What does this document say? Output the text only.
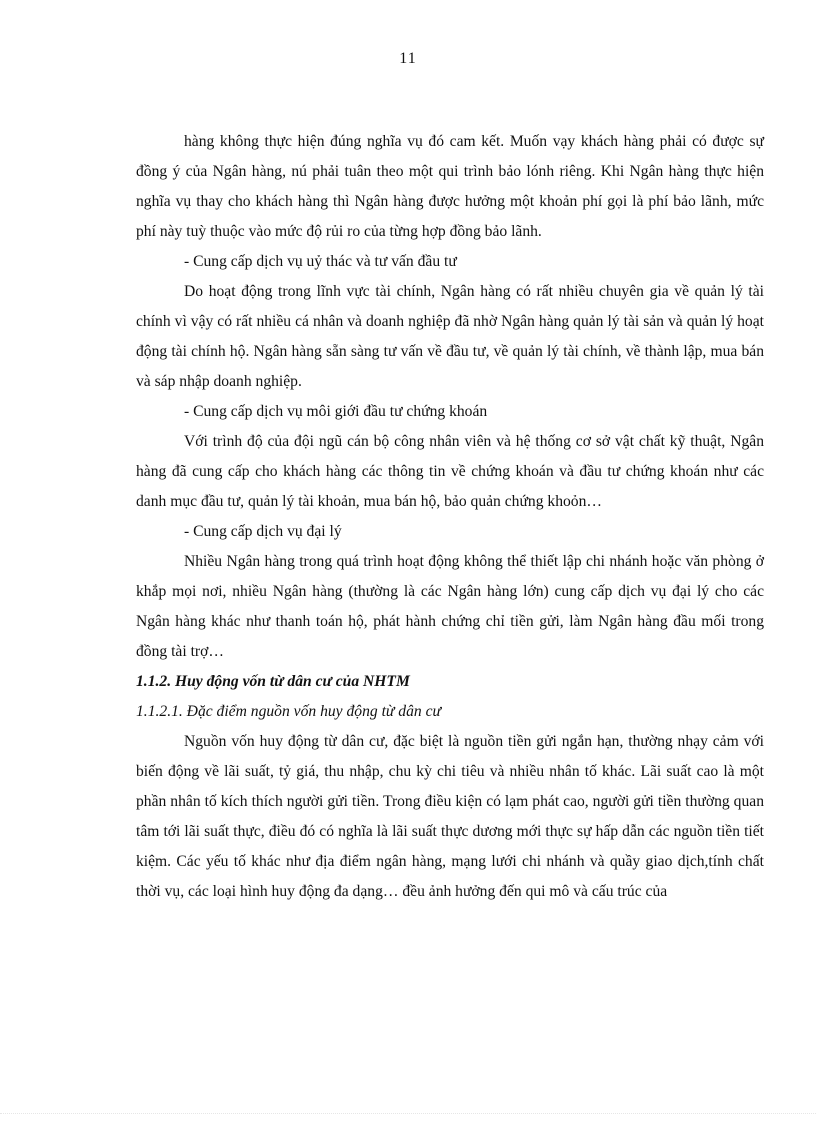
11

hàng không thực hiện đúng nghĩa vụ đó cam kết. Muốn vạy khách hàng phải có được sự đồng ý của Ngân hàng, nú phải tuân theo một qui trình bảo lónh riêng. Khi Ngân hàng thực hiện nghĩa vụ thay cho khách hàng thì Ngân hàng được hưởng một khoản phí gọi là phí bảo lãnh, mức phí này tuỳ thuộc vào mức độ rủi ro của từng hợp đồng bảo lãnh.

- Cung cấp dịch vụ uỷ thác và tư vấn đầu tư

Do hoạt động trong lĩnh vực tài chính, Ngân hàng có rất nhiều chuyên gia về quản lý tài chính vì vậy có rất nhiều cá nhân và doanh nghiệp đã nhờ Ngân hàng quản lý tài sản và quản lý hoạt động tài chính hộ. Ngân hàng sẵn sàng tư vấn về đầu tư, về quản lý tài chính, về thành lập, mua bán và sáp nhập doanh nghiệp.

- Cung cấp dịch vụ môi giới đầu tư chứng khoán

Với trình độ của đội ngũ cán bộ công nhân viên và hệ thống cơ sở vật chất kỹ thuật, Ngân hàng đã cung cấp cho khách hàng các thông tin về chứng khoán và đầu tư chứng khoán như các danh mục đầu tư, quản lý tài khoản, mua bán hộ, bảo quản chứng khoỏn…

- Cung cấp dịch vụ đại lý

Nhiều Ngân hàng trong quá trình hoạt động không thể thiết lập chi nhánh hoặc văn phòng ở khắp mọi nơi, nhiều Ngân hàng (thường là các Ngân hàng lớn) cung cấp dịch vụ đại lý cho các Ngân hàng khác như thanh toán hộ, phát hành chứng chỉ tiền gửi, làm Ngân hàng đầu mối trong đồng tài trợ…

1.1.2. Huy động vốn từ dân cư của NHTM

1.1.2.1. Đặc điểm nguồn vốn huy động từ dân cư

Nguồn vốn huy động từ dân cư, đặc biệt là nguồn tiền gửi ngắn hạn, thường nhạy cảm với biến động về lãi suất, tỷ giá, thu nhập, chu kỳ chi tiêu và nhiều nhân tố khác. Lãi suất cao là một phần nhân tố kích thích người gửi tiền. Trong điều kiện có lạm phát cao, người gửi tiền thường quan tâm tới lãi suất thực, điều đó có nghĩa là lãi suất thực dương mới thực sự hấp dẫn các nguồn tiền tiết kiệm. Các yếu tố khác như địa điểm ngân hàng, mạng lưới chi nhánh và quầy giao dịch,tính chất thời vụ, các loại hình huy động đa dạng… đều ảnh hưởng đến qui mô và cấu trúc của
